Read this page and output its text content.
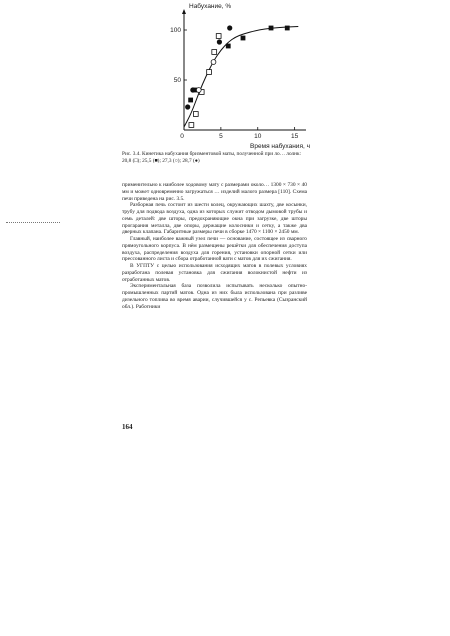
50
100
0	5	10	15
Набухание, %
Время набухания, ч

Рис. 3.4. Кинетика набухания бризментовой маты, полученной при ло… лолнк: 20,8 (□); 25,5 (■); 27,3 (○); 28,7 (●)

применительно к наиболее ходовому мату с размерами около… 1300 × 730 × 40 мм и может одновременно загружаться … изделий малого размера [110]. Схема печи приведена на рис. 3.5.

Разборная печь состоит из шести колец, окружающих шахту, две косынки, трубу для подвода воздуха, одна из которых служит отводом дымовой трубы и семь деталей: две шторы, предохраняющие окна при загрузке, две шторы прогарания металла, две опоры, держащие колосники и сетку, а также два дверных клапана. Габаритные размеры печи в сборке 1470 × 1100 × 2450 мм.

Главный, наиболее важный узел печи — основание, состоящее из сварного прямоугольного корпуса. В нём размещены решётки для обеспечения доступа воздуха, распределения воздуха для горения, установки опорной сетки или прессованного листа и сбора отработанной вати с матов для их сжигания.

В УГПТУ с целью использования исходящих матов в полевых условиях разработана полевая установка для сжигания волокнистой нефти из отработанных матов.

Экспериментальная база позволила испытывать несколько опытно-промышленных партий матов. Одна из них была использована при разливе дизельного топлива во время аварии, случившейся у с. Репьевка (Сызранский обл.). Работники

164
